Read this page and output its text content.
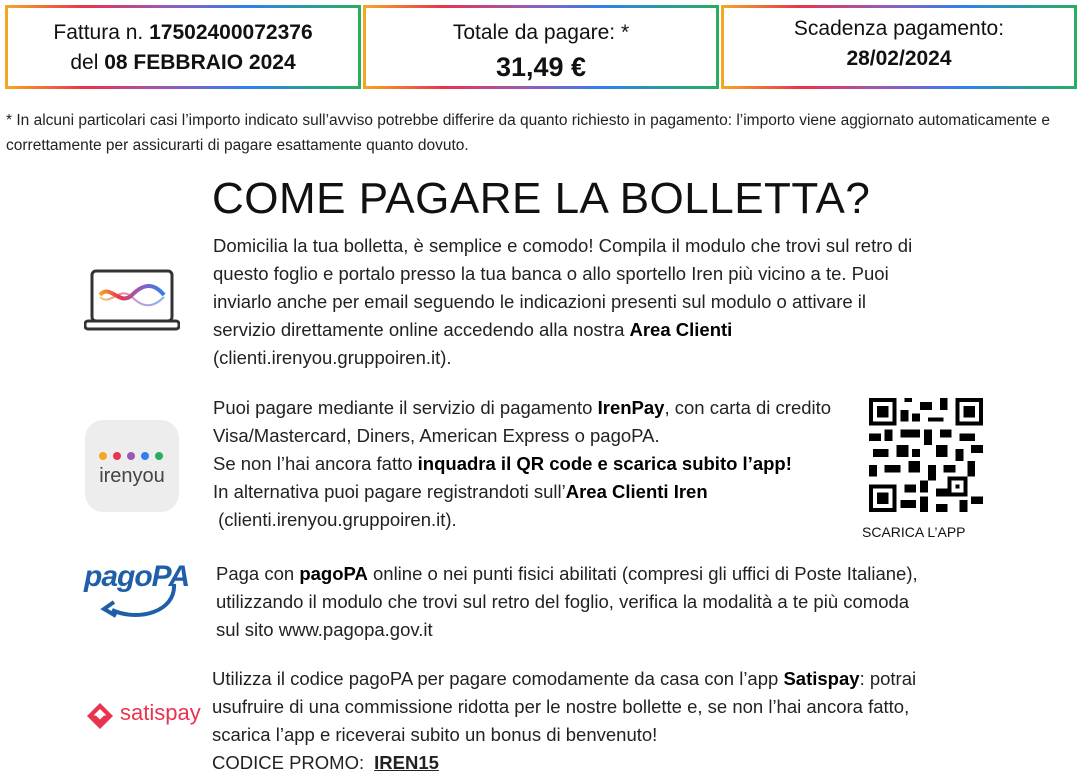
Fattura n. 17502400072376
del 08 FEBBRAIO 2024
Totale da pagare: *
31,49 €
Scadenza pagamento:
28/02/2024
* In alcuni particolari casi l’importo indicato sull’avviso potrebbe differire da quanto richiesto in pagamento: l’importo viene aggiornato automaticamente e correttamente per assicurarti di pagare esattamente quanto dovuto.
COME PAGARE LA BOLLETTA?
Domicilia la tua bolletta, è semplice e comodo! Compila il modulo che trovi sul retro di questo foglio e portalo presso la tua banca o allo sportello Iren più vicino a te. Puoi inviarlo anche per email seguendo le indicazioni presenti sul modulo o attivare il servizio direttamente online accedendo alla nostra Area Clienti (clienti.irenyou.gruppoiren.it).
irenyou
Puoi pagare mediante il servizio di pagamento IrenPay, con carta di credito Visa/Mastercard, Diners, American Express o pagoPA.
Se non l’hai ancora fatto inquadra il QR code e scarica subito l’app!
In alternativa puoi pagare registrandoti sull’Area Clienti Iren
(clienti.irenyou.gruppoiren.it).
SCARICA L’APP
pagoPA Paga con pagoPA online o nei punti fisici abilitati (compresi gli uffici di Poste Italiane), utilizzando il modulo che trovi sul retro del foglio, verifica la modalità a te più comoda sul sito www.pagopa.gov.it
satispay
Utilizza il codice pagoPA per pagare comodamente da casa con l’app Satispay: potrai usufruire di una commissione ridotta per le nostre bollette e, se non l’hai ancora fatto, scarica l’app e riceverai subito un bonus di benvenuto!
CODICE PROMO: IREN15
